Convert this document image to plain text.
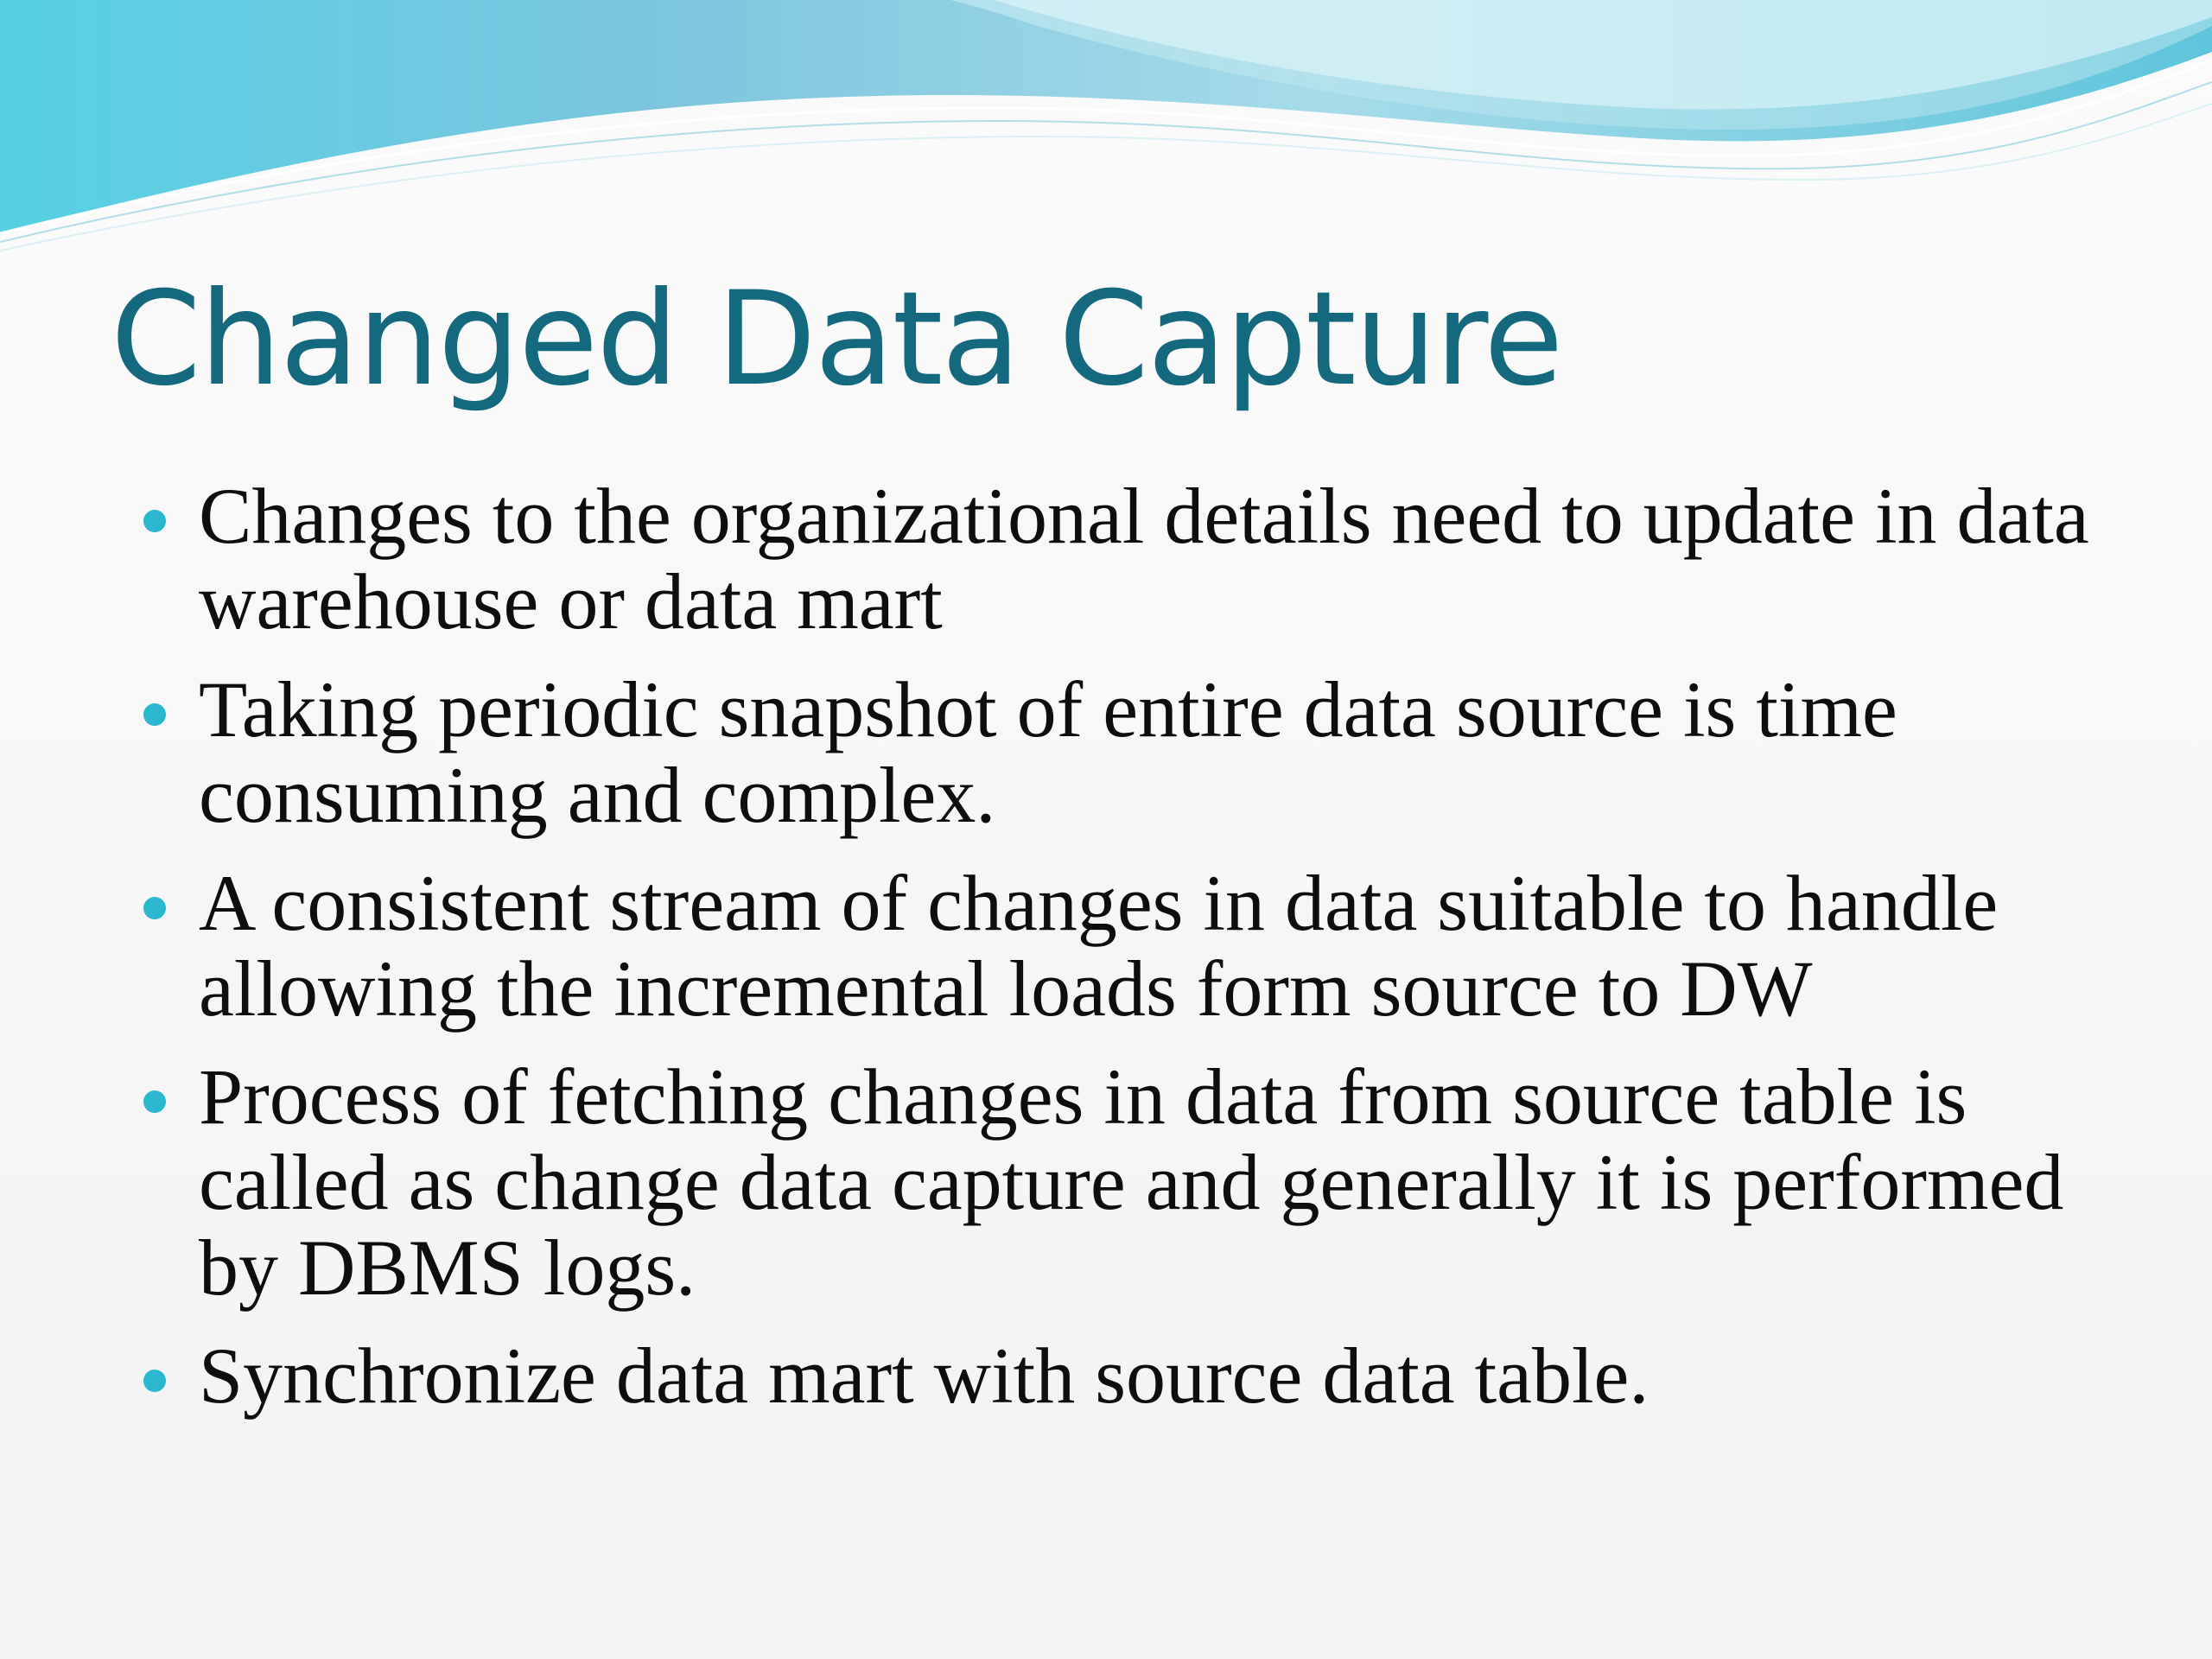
Changed Data Capture
Changes to the organizational details need to update in data warehouse or data mart
Taking periodic snapshot of entire data source is time consuming and complex.
A consistent stream of changes in data suitable to handle allowing the incremental loads form source to DW
Process of fetching changes in data from source table is called as change data capture and generally it is performed by DBMS logs.
Synchronize data mart with source data table.
